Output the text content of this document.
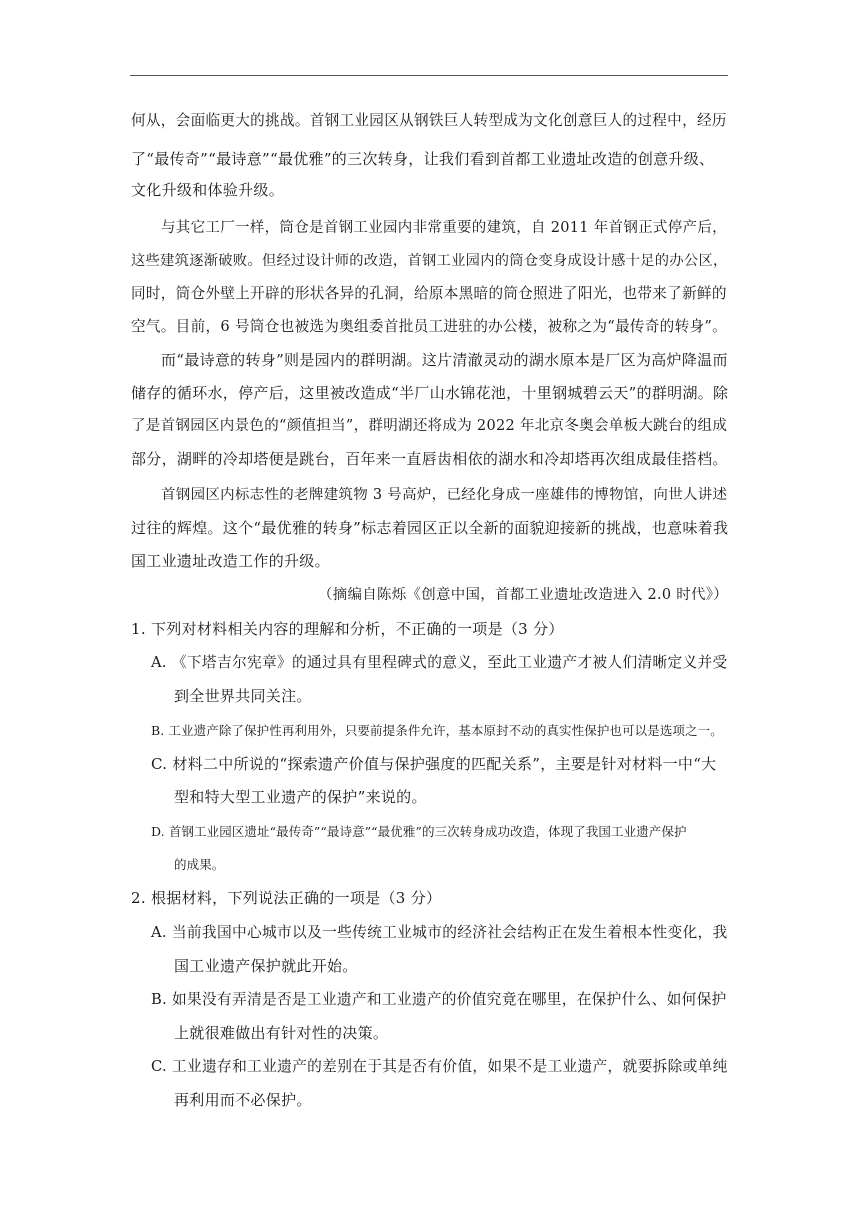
何从，会面临更大的挑战。首钢工业园区从钢铁巨人转型成为文化创意巨人的过程中，经历
了“最传奇”“最诗意”“最优雅”的三次转身，让我们看到首都工业遗址改造的创意升级、
文化升级和体验升级。
与其它工厂一样，筒仓是首钢工业园内非常重要的建筑，自 2011 年首钢正式停产后，
这些建筑逐渐破败。但经过设计师的改造，首钢工业园内的筒仓变身成设计感十足的办公区，
同时，筒仓外壁上开辟的形状各异的孔洞，给原本黑暗的筒仓照进了阳光，也带来了新鲜的
空气。目前，6 号筒仓也被选为奥组委首批员工进驻的办公楼，被称之为“最传奇的转身”。
而“最诗意的转身”则是园内的群明湖。这片清澈灵动的湖水原本是厂区为高炉降温而
储存的循环水，停产后，这里被改造成“半厂山水锦花池，十里钢城碧云天”的群明湖。除
了是首钢园区内景色的“颜值担当”，群明湖还将成为 2022 年北京冬奥会单板大跳台的组成
部分，湖畔的冷却塔便是跳台，百年来一直唇齿相依的湖水和冷却塔再次组成最佳搭档。
首钢园区内标志性的老牌建筑物 3 号高炉，已经化身成一座雄伟的博物馆，向世人讲述
过往的辉煌。这个“最优雅的转身”标志着园区正以全新的面貌迎接新的挑战，也意味着我
国工业遗址改造工作的升级。
（摘编自陈烁《创意中国，首都工业遗址改造进入 2.0 时代》）
1. 下列对材料相关内容的理解和分析，不正确的一项是（3 分）
A. 《下塔吉尔宪章》的通过具有里程碑式的意义，至此工业遗产才被人们清晰定义并受
到全世界共同关注。
B. 工业遗产除了保护性再利用外，只要前提条件允许，基本原封不动的真实性保护也可以是选项之一。
C. 材料二中所说的“探索遗产价值与保护强度的匹配关系”，主要是针对材料一中“大
型和特大型工业遗产的保护”来说的。
D. 首钢工业园区遗址“最传奇”“最诗意”“最优雅”的三次转身成功改造，体现了我国工业遗产保护
的成果。
2. 根据材料，下列说法正确的一项是（3 分）
A. 当前我国中心城市以及一些传统工业城市的经济社会结构正在发生着根本性变化，我
国工业遗产保护就此开始。
B. 如果没有弄清是否是工业遗产和工业遗产的价值究竟在哪里，在保护什么、如何保护
上就很难做出有针对性的决策。
C. 工业遗存和工业遗产的差别在于其是否有价值，如果不是工业遗产，就要拆除或单纯
再利用而不必保护。
